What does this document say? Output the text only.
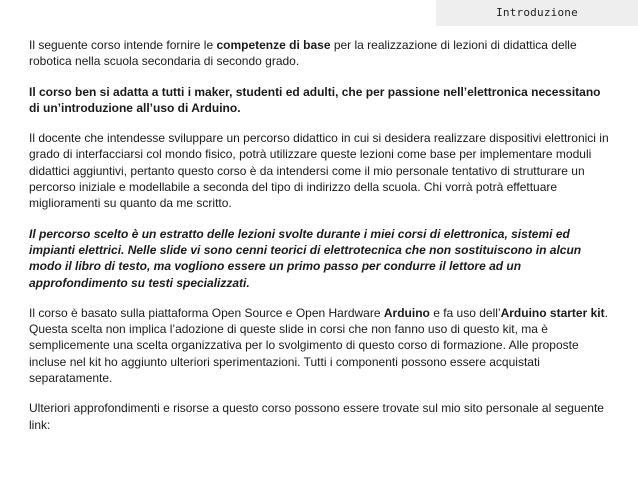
Introduzione

Il seguente corso intende fornire le competenze di base per la realizzazione di lezioni di didattica delle robotica nella scuola secondaria di secondo grado.

Il corso ben si adatta a tutti i maker, studenti ed adulti, che per passione nell’elettronica necessitano di un’introduzione all’uso di Arduino.

Il docente che intendesse sviluppare un percorso didattico in cui si desidera realizzare dispositivi elettronici in grado di interfacciarsi col mondo fisico, potrà utilizzare queste lezioni come base per implementare moduli didattici aggiuntivi, pertanto questo corso è da intendersi come il mio personale tentativo di strutturare un percorso iniziale e modellabile a seconda del tipo di indirizzo della scuola. Chi vorrà potrà effettuare miglioramenti su quanto da me scritto.

Il percorso scelto è un estratto delle lezioni svolte durante i miei corsi di elettronica, sistemi ed impianti elettrici. Nelle slide vi sono cenni teorici di elettrotecnica che non sostituiscono in alcun modo il libro di testo, ma vogliono essere un primo passo per condurre il lettore ad un approfondimento su testi specializzati.

Il corso è basato sulla piattaforma Open Source e Open Hardware Arduino e fa uso dell’Arduino starter kit. Questa scelta non implica l’adozione di queste slide in corsi che non fanno uso di questo kit, ma è semplicemente una scelta organizzativa per lo svolgimento di questo corso di formazione. Alle proposte incluse nel kit ho aggiunto ulteriori sperimentazioni. Tutti i componenti possono essere acquistati separatamente.

Ulteriori approfondimenti e risorse a questo corso possono essere trovate sul mio sito personale al seguente link:
